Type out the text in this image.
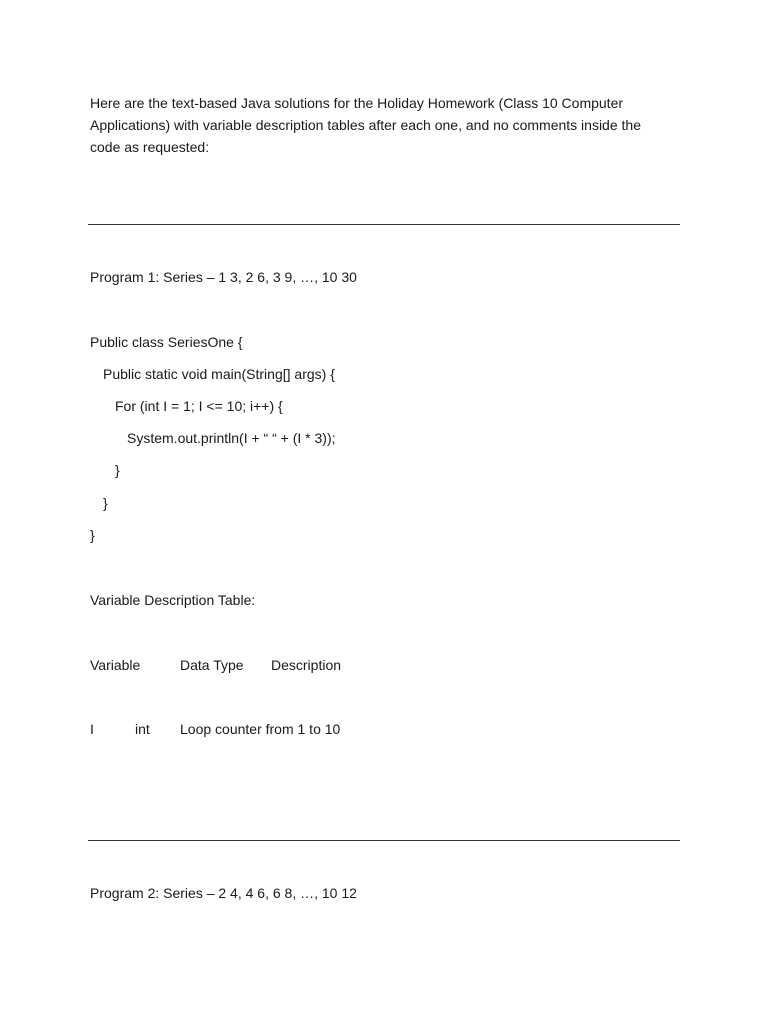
Here are the text-based Java solutions for the Holiday Homework (Class 10 Computer
Applications) with variable description tables after each one, and no comments inside the
code as requested:
Program 1: Series – 1 3, 2 6, 3 9, …, 10 30
Public class SeriesOne {
Public static void main(String[] args) {
For (int I = 1; I <= 10; i++) {
System.out.println(I + “ “ + (I * 3));
}
}
}
Variable Description Table:
Variable	Data Type Description
I	int Loop counter from 1 to 10
Program 2: Series – 2 4, 4 6, 6 8, …, 10 12
